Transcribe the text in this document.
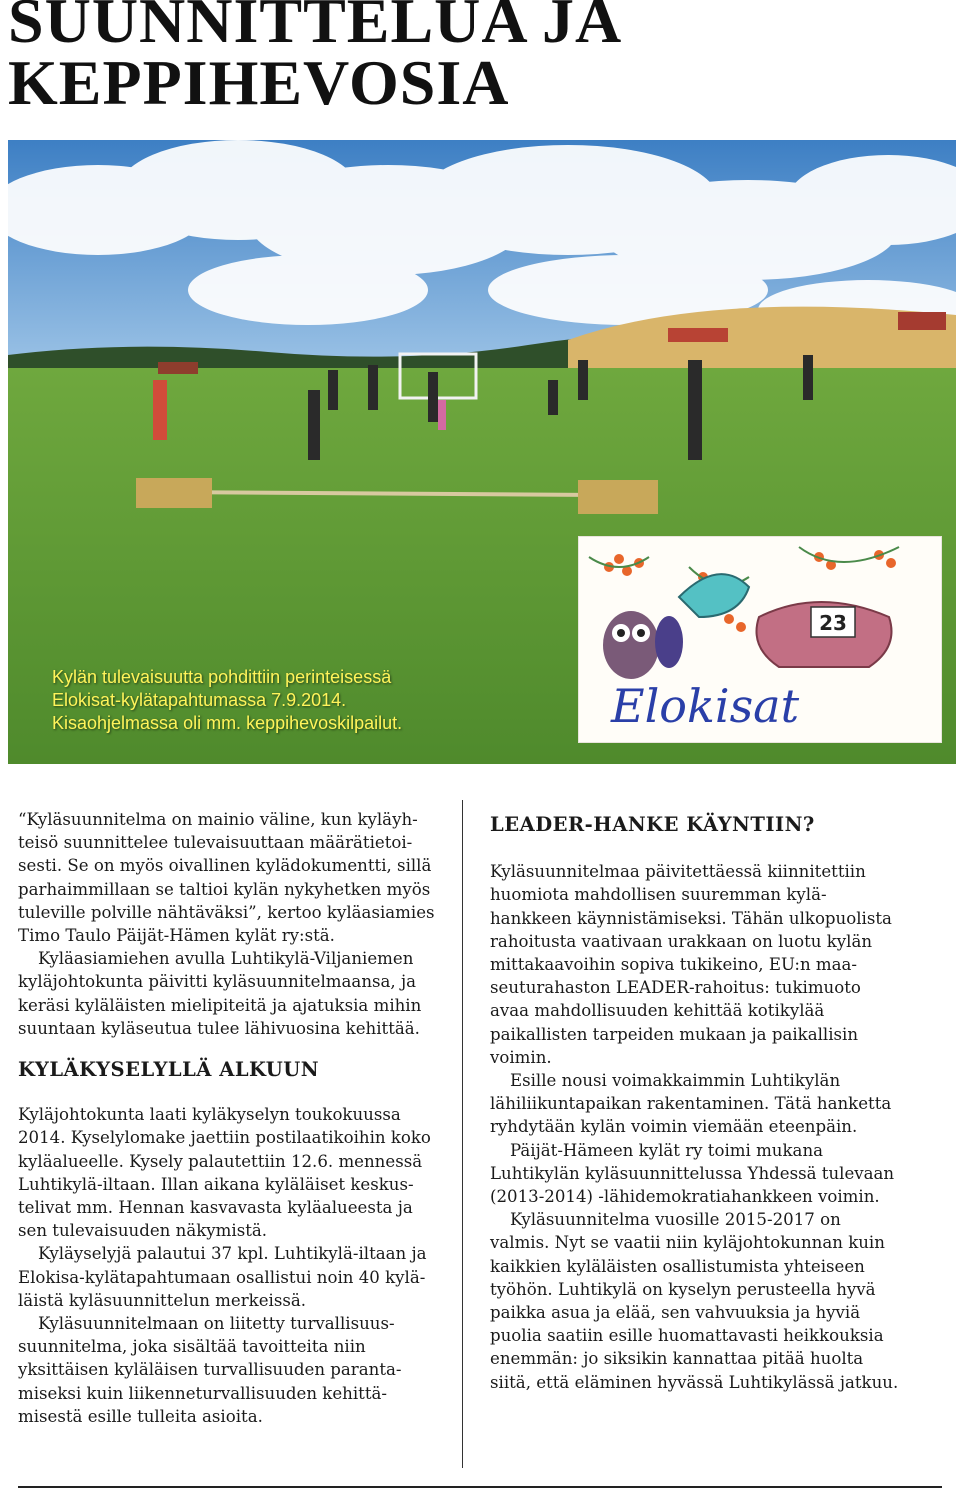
SUUNNITTELUA JA
KEPPIHEVOSIA
Kylän tulevaisuutta pohdittiin perinteisessä
Elokisat-kylätapahtumassa 7.9.2014.
Kisaohjelmassa oli mm. keppihevoskilpailut.
23
Elokisat

“Kyläsuunnitelma on mainio väline, kun kyläyh-
teisö suunnittelee tulevaisuuttaan määrätietoi-
sesti. Se on myös oivallinen kylädokumentti, sillä
parhaimmillaan se taltioi kylän nykyhetken myös
tuleville polville nähtäväksi”, kertoo kyläasiamies
Timo Taulo Päijät-Hämen kylät ry:stä.

Kyläasiamiehen avulla Luhtikylä-Viljaniemen
kyläjohtokunta päivitti kyläsuunnitelmaansa, ja
keräsi kyläläisten mielipiteitä ja ajatuksia mihin
suuntaan kyläseutua tulee lähivuosina kehittää.

KYLÄKYSELYLLÄ ALKUUN

Kyläjohtokunta laati kyläkyselyn toukokuussa
2014. Kyselylomake jaettiin postilaatikoihin koko
kyläalueelle. Kysely palautettiin 12.6. mennessä
Luhtikylä-iltaan. Illan aikana kyläläiset keskus-
telivat mm. Hennan kasvavasta kyläalueesta ja
sen tulevaisuuden näkymistä.

Kyläyselyjä palautui 37 kpl. Luhtikylä-iltaan ja
Elokisa-kylätapahtumaan osallistui noin 40 kylä-
läistä kyläsuunnittelun merkeissä.

Kyläsuunnitelmaan on liitetty turvallisuus-
suunnitelma, joka sisältää tavoitteita niin
yksittäisen kyläläisen turvallisuuden paranta-
miseksi kuin liikenneturvallisuuden kehittä-
misestä esille tulleita asioita.

LEADER-HANKE KÄYNTIIN?

Kyläsuunnitelmaa päivitettäessä kiinnitettiin
huomiota mahdollisen suuremman kylä-
hankkeen käynnistämiseksi. Tähän ulkopuolista
rahoitusta vaativaan urakkaan on luotu kylän
mittakaavoihin sopiva tukikeino, EU:n maa-
seuturahaston LEADER-rahoitus: tukimuoto
avaa mahdollisuuden kehittää kotikylää
paikallisten tarpeiden mukaan ja paikallisin
voimin.

Esille nousi voimakkaimmin Luhtikylän
lähiliikuntapaikan rakentaminen. Tätä hanketta
ryhdytään kylän voimin viemään eteenpäin.

Päijät-Hämeen kylät ry toimi mukana
Luhtikylän kyläsuunnittelussa Yhdessä tulevaan
(2013-2014) -lähidemokratiahankkeen voimin.

Kyläsuunnitelma vuosille 2015-2017 on
valmis. Nyt se vaatii niin kyläjohtokunnan kuin
kaikkien kyläläisten osallistumista yhteiseen
työhön. Luhtikylä on kyselyn perusteella hyvä
paikka asua ja elää, sen vahvuuksia ja hyviä
puolia saatiin esille huomattavasti heikkouksia
enemmän: jo siksikin kannattaa pitää huolta
siitä, että eläminen hyvässä Luhtikylässä jatkuu.
